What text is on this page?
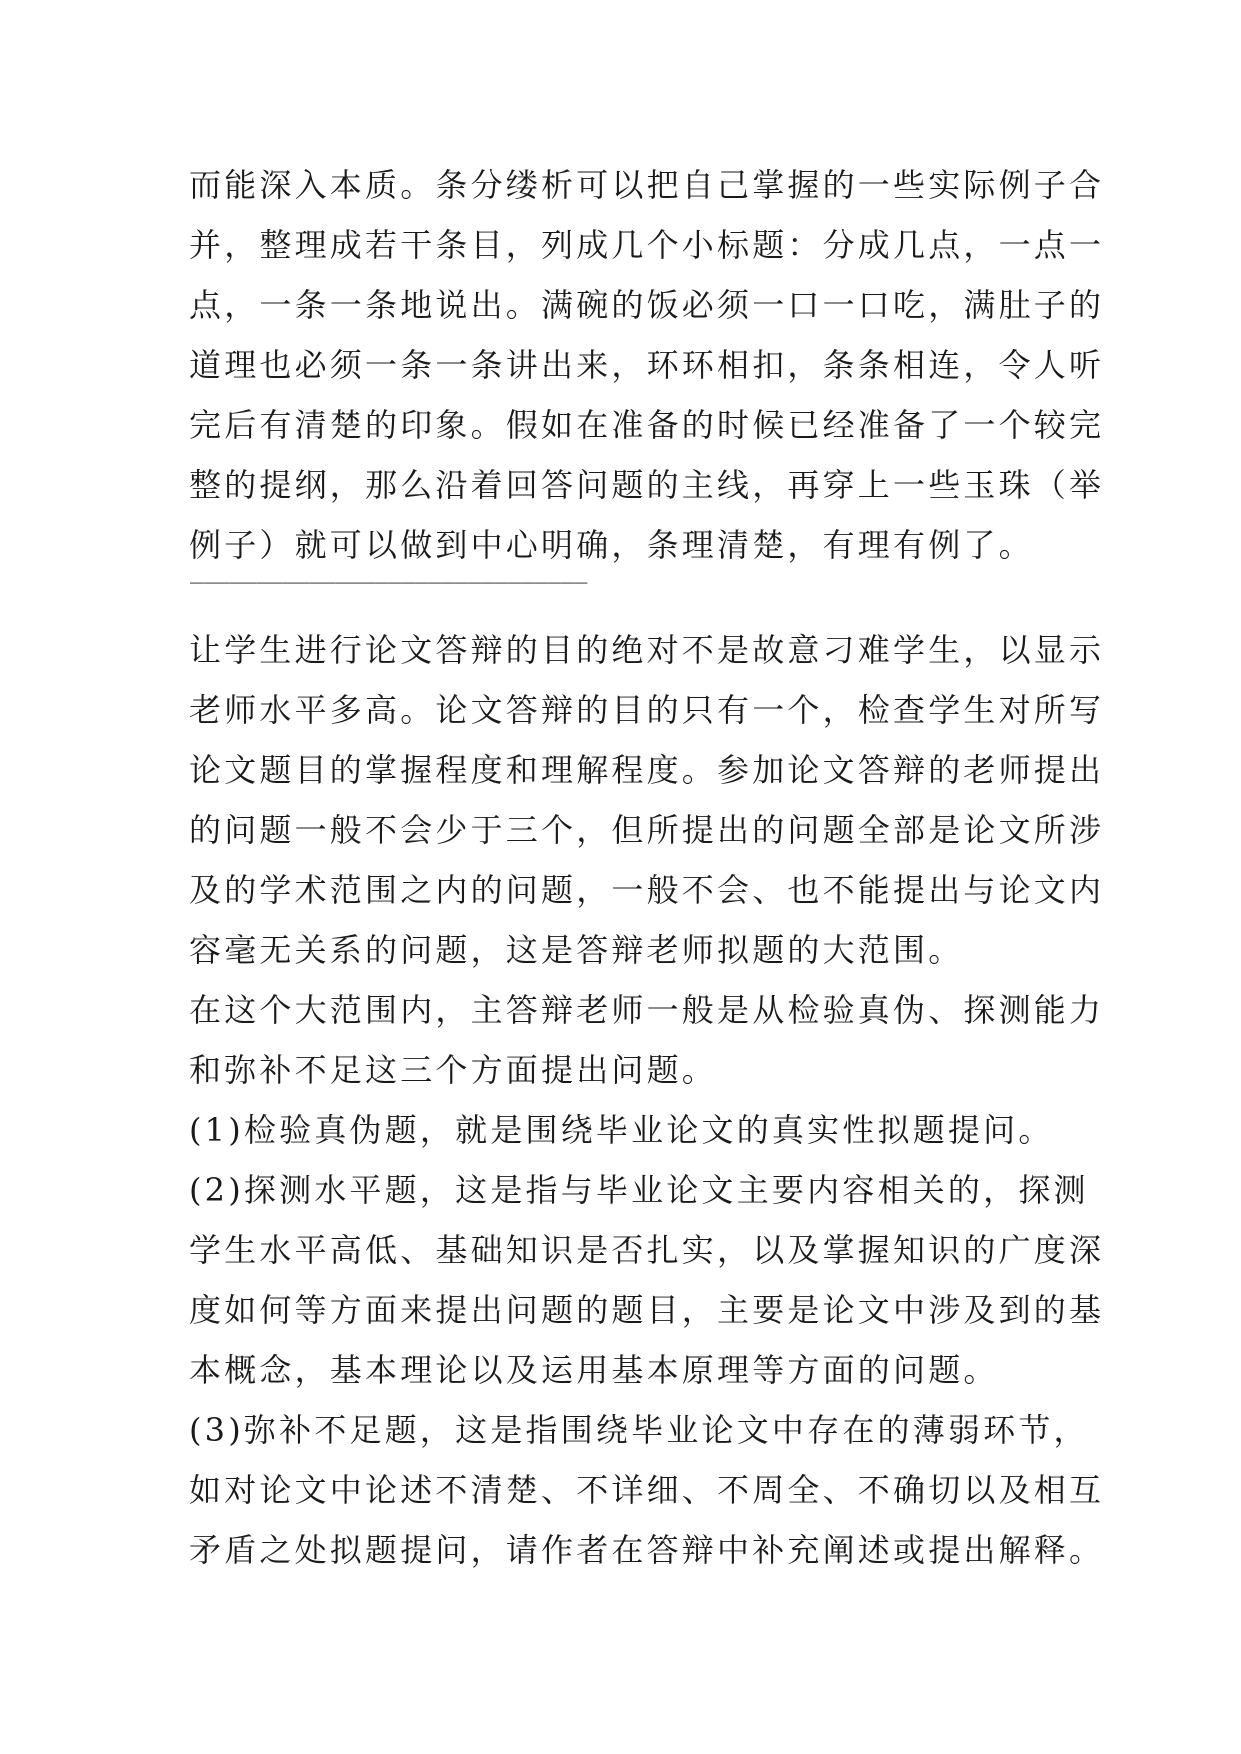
而能深入本质。条分缕析可以把自己掌握的一些实际例子合
并，整理成若干条目，列成几个小标题：分成几点，一点一
点，一条一条地说出。满碗的饭必须一口一口吃，满肚子的
道理也必须一条一条讲出来，环环相扣，条条相连，令人听
完后有清楚的印象。假如在准备的时候已经准备了一个较完
整的提纲，那么沿着回答问题的主线，再穿上一些玉珠（举
例子）就可以做到中心明确，条理清楚，有理有例了。
______________________________
让学生进行论文答辩的目的绝对不是故意刁难学生，以显示
老师水平多高。论文答辩的目的只有一个，检查学生对所写
论文题目的掌握程度和理解程度。参加论文答辩的老师提出
的问题一般不会少于三个，但所提出的问题全部是论文所涉
及的学术范围之内的问题，一般不会、也不能提出与论文内
容毫无关系的问题，这是答辩老师拟题的大范围。
在这个大范围内，主答辩老师一般是从检验真伪、探测能力
和弥补不足这三个方面提出问题。
(1)检验真伪题，就是围绕毕业论文的真实性拟题提问。
(2)探测水平题，这是指与毕业论文主要内容相关的，探测
学生水平高低、基础知识是否扎实，以及掌握知识的广度深
度如何等方面来提出问题的题目，主要是论文中涉及到的基
本概念，基本理论以及运用基本原理等方面的问题。
(3)弥补不足题，这是指围绕毕业论文中存在的薄弱环节，
如对论文中论述不清楚、不详细、不周全、不确切以及相互
矛盾之处拟题提问，请作者在答辩中补充阐述或提出解释。
